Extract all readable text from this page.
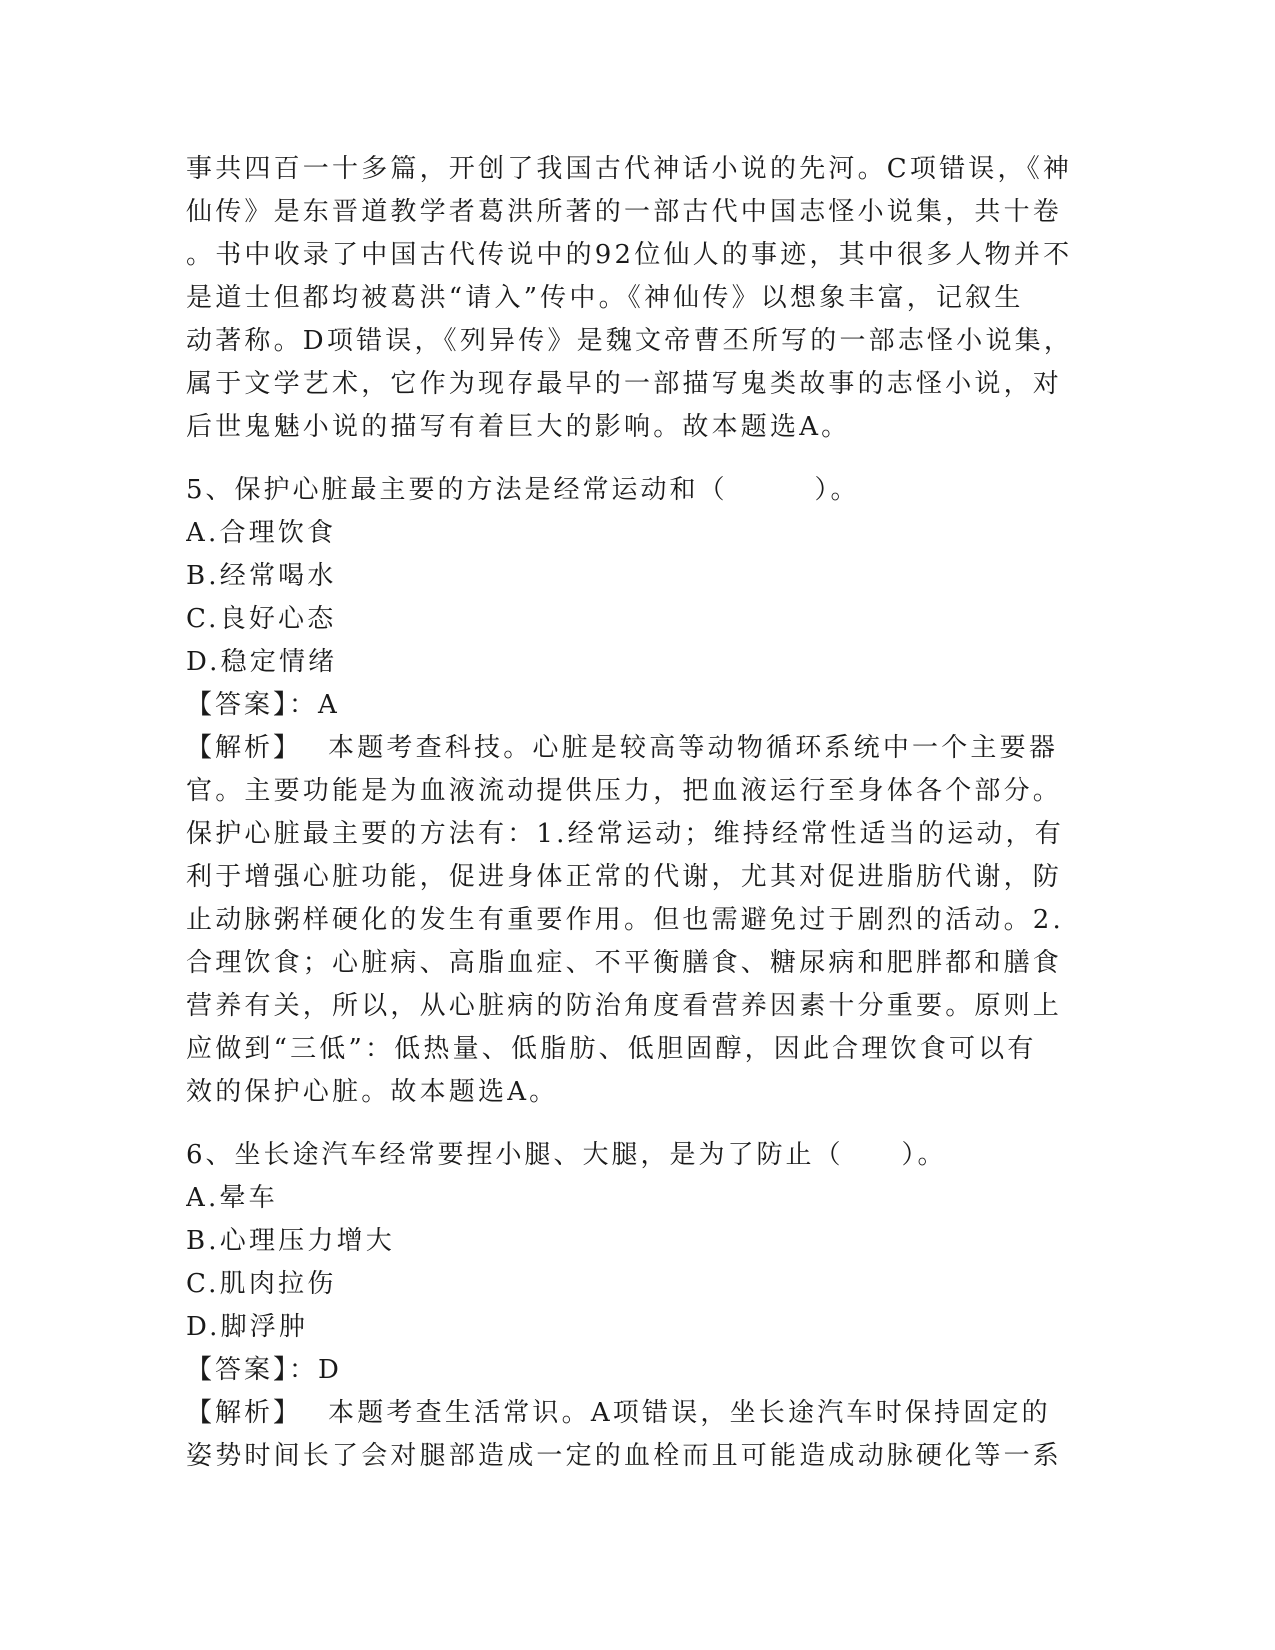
事共四百一十多篇，开创了我国古代神话小说的先河。C项错误，《神
仙传》是东晋道教学者葛洪所著的一部古代中国志怪小说集，共十卷
。书中收录了中国古代传说中的92位仙人的事迹，其中很多人物并不
是道士但都均被葛洪“请入”传中。《神仙传》以想象丰富，记叙生
动著称。D项错误，《列异传》是魏文帝曹丕所写的一部志怪小说集，
属于文学艺术，它作为现存最早的一部描写鬼类故事的志怪小说，对
后世鬼魅小说的描写有着巨大的影响。故本题选A。
5、保护心脏最主要的方法是经常运动和（　　　）。
A.合理饮食
B.经常喝水
C.良好心态
D.稳定情绪
【答案】：A
【解析】 本题考查科技。心脏是较高等动物循环系统中一个主要器
官。主要功能是为血液流动提供压力，把血液运行至身体各个部分。
保护心脏最主要的方法有：1.经常运动；维持经常性适当的运动，有
利于增强心脏功能，促进身体正常的代谢，尤其对促进脂肪代谢，防
止动脉粥样硬化的发生有重要作用。但也需避免过于剧烈的活动。2.
合理饮食；心脏病、高脂血症、不平衡膳食、糖尿病和肥胖都和膳食
营养有关，所以，从心脏病的防治角度看营养因素十分重要。原则上
应做到“三低”：低热量、低脂肪、低胆固醇，因此合理饮食可以有
效的保护心脏。故本题选A。
6、坐长途汽车经常要捏小腿、大腿，是为了防止（　　）。
A.晕车
B.心理压力增大
C.肌肉拉伤
D.脚浮肿
【答案】：D
【解析】 本题考查生活常识。A项错误，坐长途汽车时保持固定的
姿势时间长了会对腿部造成一定的血栓而且可能造成动脉硬化等一系
